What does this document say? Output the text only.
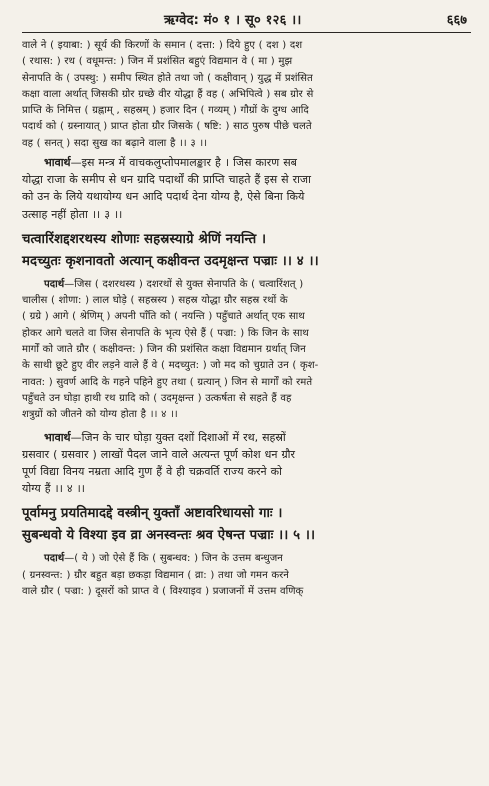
ऋग्वेद: मं० १ । सू० १२६ ।।	६६७
वाले ने ( इयाबा: ) सूर्य की किरणों के समान ( दत्ता: ) दिये हुए ( दश ) दश
( रथास: ) रथ ( वधूमन्त: ) जिन में प्रशंसित बहुएं विद्यमान वे ( मा ) मुझ
सेनापति के ( उपस्थु: ) समीप स्थित होते तथा जो ( कक्षीवान् ) युद्ध में प्रशंसित
कक्षा वाला अर्थात् जिसकी ग्रोर ग्रच्छे वीर योद्धा हैं वह ( अभिपित्वे ) सब ग्रोर से
प्राप्ति के निमित्त ( ग्रह्नाम् , सहस्रम् ) हजार दिन ( गव्यम् ) गौग्रों के दुग्ध आदि
पदार्थ को ( ग्रस्नायात् ) प्राप्त होता ग्रौर जिसके ( षष्टि: ) साठ पुरुष पीछे चलते
वह ( सनत् ) सदा सुख का बढ़ाने वाला है ।। ३ ।।
भावार्थ—इस मन्त्र में वाचकलुप्तोपमालङ्कार है । जिस कारण सब
योद्धा राजा के समीप से धन ग्रादि पदार्थों की प्राप्ति चाहते हैं इस से राजा
को उन के लिये यथायोग्य धन आदि पदार्थ देना योग्य है, ऐसे बिना किये
उत्साह नहीं होता ।। ३ ।।
चत्वारिंशद्दशरथस्य शोणाः सहस्रस्याग्रे श्रेणिं नयन्ति ।
मदच्युतः कृशनावतो अत्यान् कक्षीवन्त उदमृक्षन्त पज्राः ।। ४ ।।
पदार्थ—जिस ( दशरथस्य ) दशरथों से युक्त सेनापति के ( चत्वारिंशत् )
चालीस ( शोणा: ) लाल घोड़े ( सहस्रस्य ) सहस्र योद्धा ग्रौर सहस्र रथों के
( ग्रग्रे ) आगे ( श्रेणिम् ) अपनी पाँति को ( नयन्ति ) पहुँचाते अर्थात् एक साथ
होकर आगे चलते वा जिस सेनापति के भृत्य ऐसे हैं ( पज्रा: ) कि जिन के साथ
मार्गों को जाते ग्रौर ( कक्षीवन्त: ) जिन की प्रशंसित कक्षा विद्यमान ग्रर्थात् जिन
के साथी छूटे हुए वीर लड़ने वाले हैं वे ( मदच्युत: ) जो मद को चुग्राते उन ( कृश-
नावत: ) सुवर्ण आदि के गहने पहिने हुए तथा ( ग्रत्यान् ) जिन से मार्गों को रमते
पहुँचते उन घोड़ा हाथी रथ ग्रादि को ( उदमृक्षन्त ) उत्कर्षता से सहते हैं वह
शत्रुग्रों को जीतने को योग्य होता है ।। ४ ।।
भावार्थ—जिन के चार घोड़ा युक्त दशों दिशाओं में रथ, सहस्रों
ग्रसवार ( ग्रसवार ) लाखों पैदल जाने वाले अत्यन्त पूर्ण कोश धन ग्रौर
पूर्ण विद्या विनय नम्रता आदि गुण हैं वे ही चक्रवर्ति राज्य करने को
योग्य हैं ।। ४ ।।
पूर्वामनु प्रयतिमादद्दे वस्त्रीन् युक्ताँ अष्टावरिधायसो गाः ।
सुबन्धवो ये विश्या इव व्रा अनस्वन्तः श्रव ऐषन्त पज्राः ।। ५ ।।
पदार्थ—( ये ) जो ऐसे हैं कि ( सुबन्धव: ) जिन के उत्तम बन्धुजन
( ग्रनस्वन्त: ) ग्रौर बहुत बड़ा छकड़ा विद्यमान ( व्रा: ) तथा जो गमन करने
वाले ग्रौर ( पज्रा: ) दूसरों को प्राप्त वे ( विश्याइव ) प्रजाजनों में उत्तम वणिक्
